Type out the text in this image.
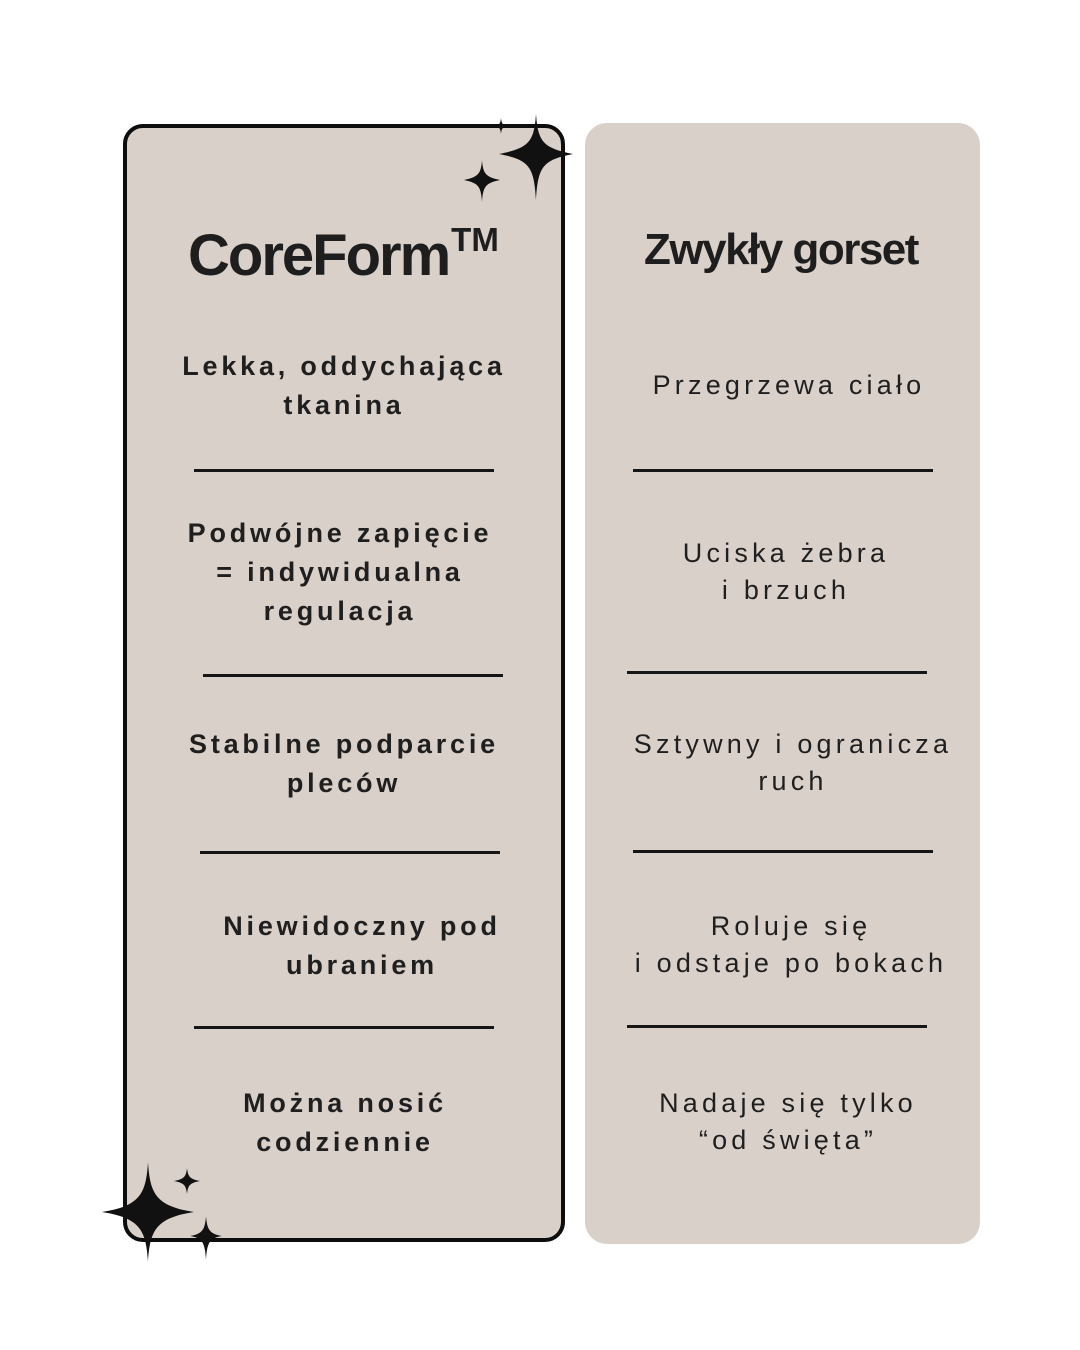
CoreForm™	Zwykły gorset
Lekka, oddychająca
tkanina
Podwójne zapięcie
= indywidualna
regulacja
Stabilne podparcie
pleców
Niewidoczny pod
ubraniem
Można nosić
codziennie
Przegrzewa ciało
Uciska żebra
i brzuch
Sztywny i ogranicza
ruch
Roluje się
i odstaje po bokach
Nadaje się tylko
“od święta”
